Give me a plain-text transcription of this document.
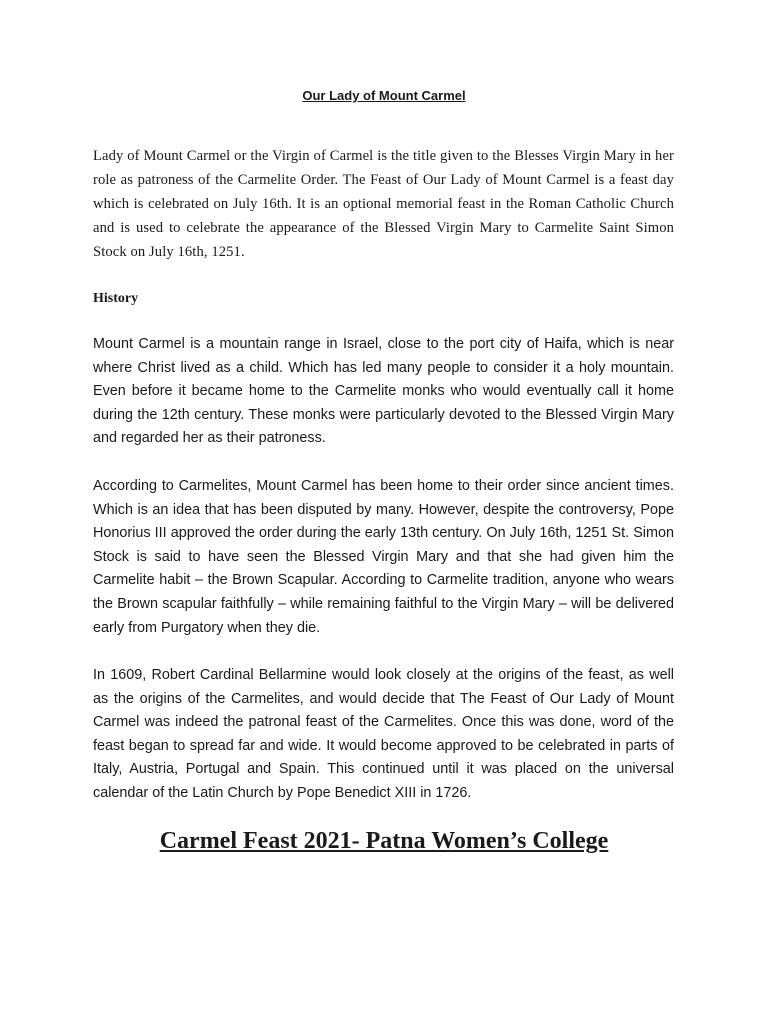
Our Lady of Mount Carmel

Lady of Mount Carmel or the Virgin of Carmel is the title given to the Blesses Virgin Mary in her role as patroness of the Carmelite Order. The Feast of Our Lady of Mount Carmel is a feast day which is celebrated on July 16th. It is an optional memorial feast in the Roman Catholic Church and is used to celebrate the appearance of the Blessed Virgin Mary to Carmelite Saint Simon Stock on July 16th, 1251.

History

Mount Carmel is a mountain range in Israel, close to the port city of Haifa, which is near where Christ lived as a child. Which has led many people to consider it a holy mountain. Even before it became home to the Carmelite monks who would eventually call it home during the 12th century. These monks were particularly devoted to the Blessed Virgin Mary and regarded her as their patroness.

According to Carmelites, Mount Carmel has been home to their order since ancient times. Which is an idea that has been disputed by many. However, despite the controversy, Pope Honorius III approved the order during the early 13th century. On July 16th, 1251 St. Simon Stock is said to have seen the Blessed Virgin Mary and that she had given him the Carmelite habit – the Brown Scapular. According to Carmelite tradition, anyone who wears the Brown scapular faithfully – while remaining faithful to the Virgin Mary – will be delivered early from Purgatory when they die.

In 1609, Robert Cardinal Bellarmine would look closely at the origins of the feast, as well as the origins of the Carmelites, and would decide that The Feast of Our Lady of Mount Carmel was indeed the patronal feast of the Carmelites. Once this was done, word of the feast began to spread far and wide. It would become approved to be celebrated in parts of Italy, Austria, Portugal and Spain. This continued until it was placed on the universal calendar of the Latin Church by Pope Benedict XIII in 1726.

Carmel Feast 2021- Patna Women’s College
